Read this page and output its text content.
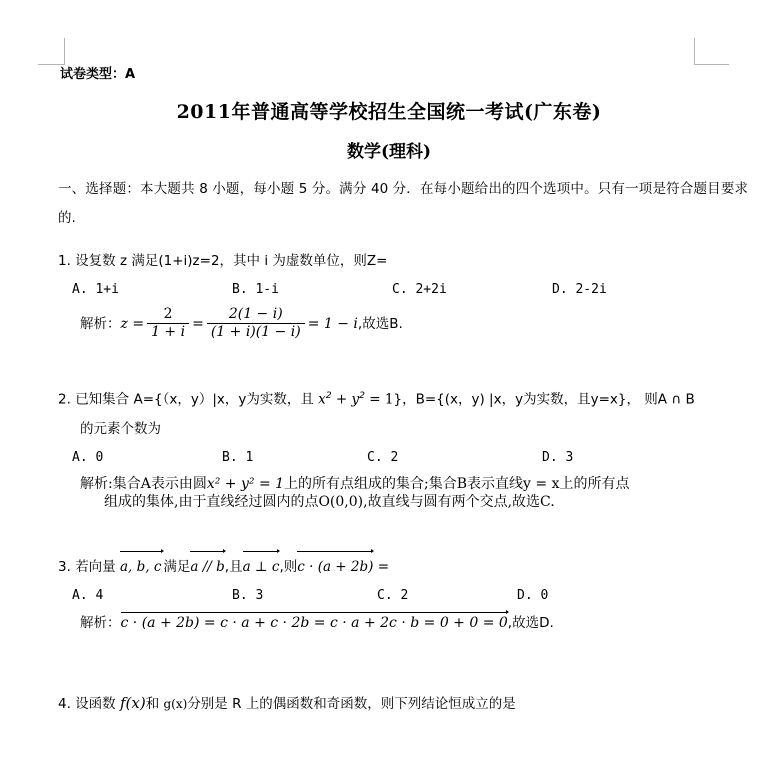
试卷类型：A
2011年普通高等学校招生全国统一考试(广东卷)
数学(理科)
一、选择题：本大题共 8 小题，每小题 5 分。满分 40 分．在每小题给出的四个选项中。只有一项是符合题目要求的.
1. 设复数 z 满足(1+i)z=2，其中 i 为虚数单位，则Z=
A. 1+i	B. 1-i	C. 2+2i	D. 2-2i
解析：$z = \frac{2}{1 + i} = \frac{2(1 - i)}{(1 + i)(1 - i)} = 1 - i$,故选B.
2. 已知集合 A={（x，y）|x，y为实数，且 $x^2 + y^2 = 1$}，B={(x，y) |x，y为实数，且y=x}， 则A ∩ B
的元素个数为
A. 0	B. 1	C. 2	D. 3
解析:集合A表示由圆x² + y² = 1上的所有点组成的集合;集合B表示直线y = x上的所有点
组成的集体,由于直线经过圆内的点O(0,0),故直线与圆有两个交点,故选C.
3. 若向量 a, b, c 满足a // b,且a ⊥ c,则c · (a + 2b) =
A. 4	B. 3	C. 2	D. 0
解析：c · (a + 2b) = c · a + c · 2b = c · a + 2c · b = 0 + 0 = 0,故选D.
4. 设函数 f(x)和 g(x)分别是 R 上的偶函数和奇函数，则下列结论恒成立的是
